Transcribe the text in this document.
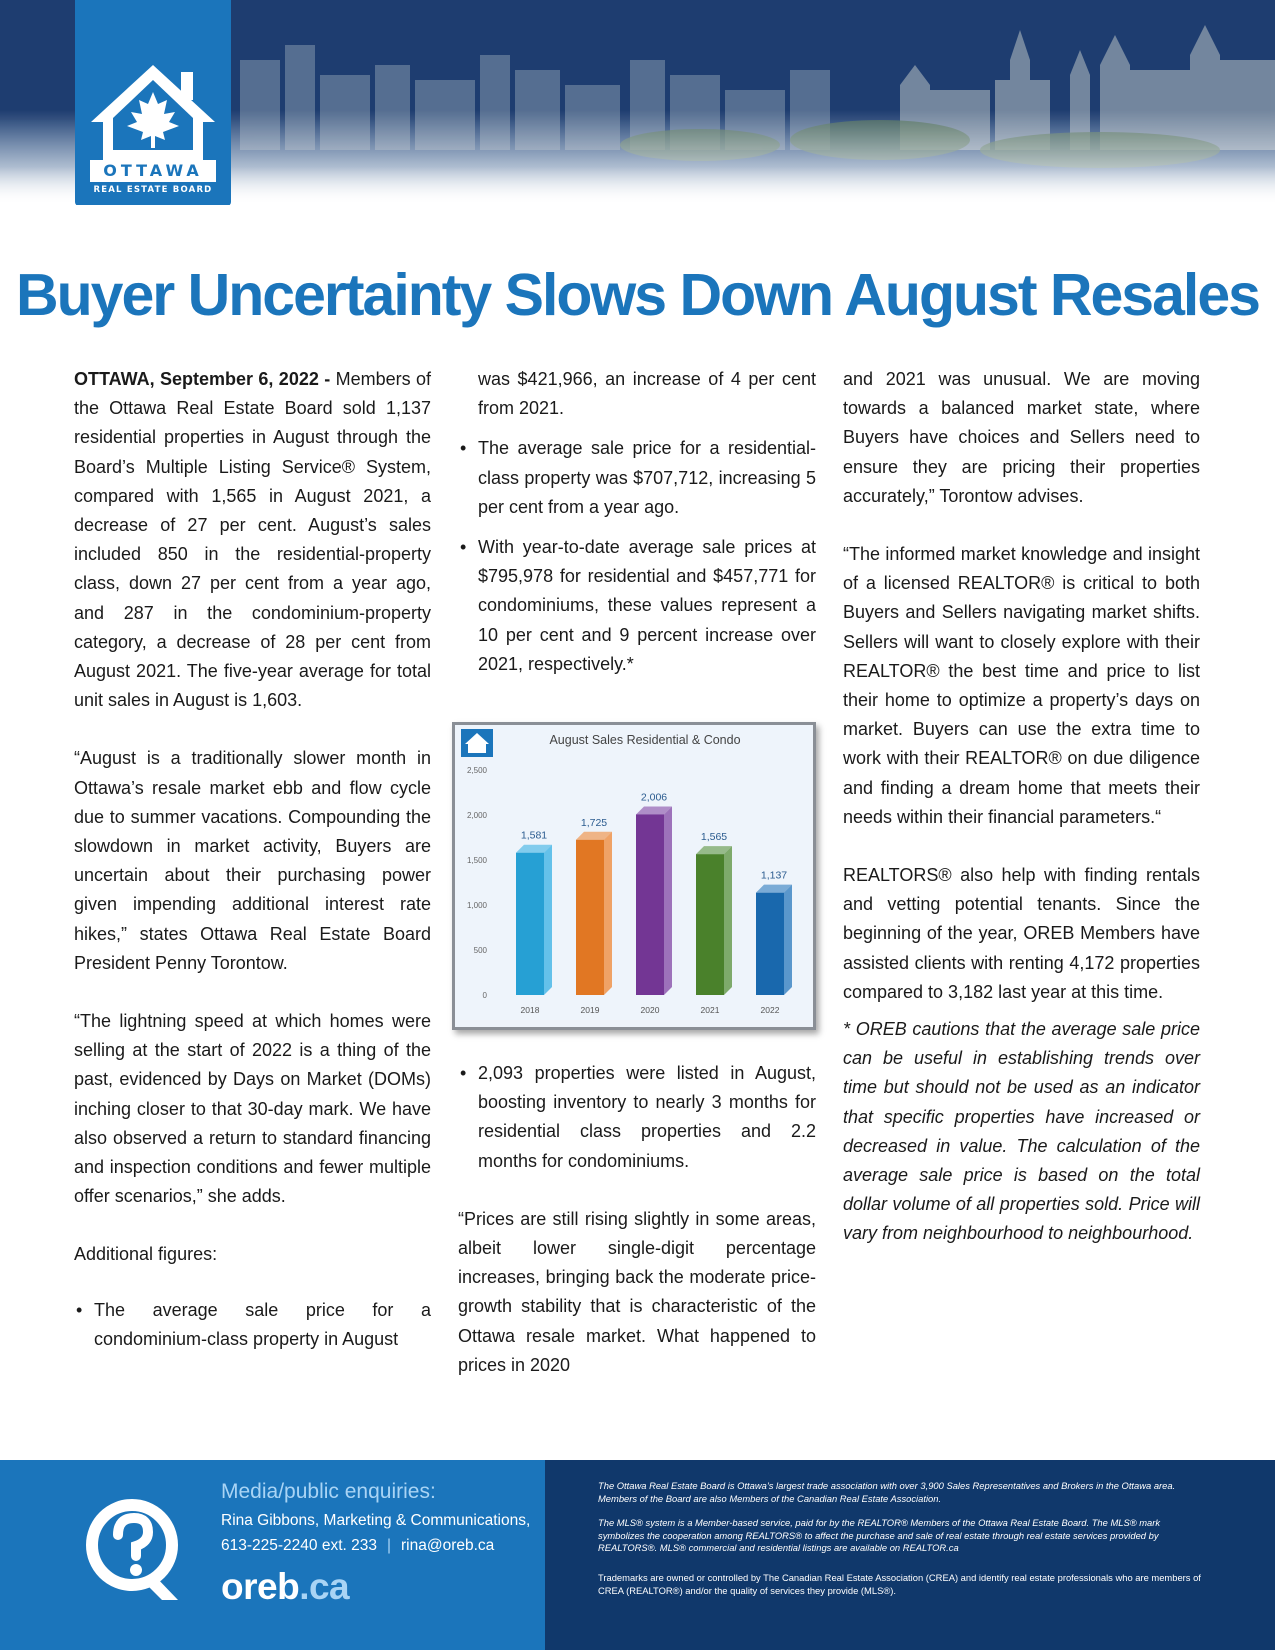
OTTAWA
REAL ESTATE BOARD
Buyer Uncertainty Slows Down August Resales

OTTAWA, September 6, 2022 - Members of the Ottawa Real Estate Board sold 1,137 residential properties in August through the Board’s Multiple Listing Service® System, compared with 1,565 in August 2021, a decrease of 27 per cent. August’s sales included 850 in the residential-property class, down 27 per cent from a year ago, and 287 in the condominium-property category, a decrease of 28 per cent from August 2021. The five-year average for total unit sales in August is 1,603.

“August is a traditionally slower month in Ottawa’s resale market ebb and flow cycle due to summer vacations. Compounding the slowdown in market activity, Buyers are uncertain about their purchasing power given impending additional interest rate hikes,” states Ottawa Real Estate Board President Penny Torontow.

“The lightning speed at which homes were selling at the start of 2022 is a thing of the past, evidenced by Days on Market (DOMs) inching closer to that 30-day mark. We have also observed a return to standard financing and inspection conditions and fewer multiple offer scenarios,” she adds.

Additional figures:

• The average sale price for a condominium-class property in August

was $421,966, an increase of 4 per cent from 2021.

• The average sale price for a residential-class property was $707,712, increasing 5 per cent from a year ago.
• With year-to-date average sale prices at $795,978 for residential and $457,771 for condominiums, these values represent a 10 per cent and 9 percent increase over 2021, respectively.*
• 2,093 properties were listed in August, boosting inventory to nearly 3 months for residential class properties and 2.2 months for condominiums.

“Prices are still rising slightly in some areas, albeit lower single-digit percentage increases, bringing back the moderate price-growth stability that is characteristic of the Ottawa resale market. What happened to prices in 2020

and 2021 was unusual. We are moving towards a balanced market state, where Buyers have choices and Sellers need to ensure they are pricing their properties accurately,” Torontow advises.

“The informed market knowledge and insight of a licensed REALTOR® is critical to both Buyers and Sellers navigating market shifts. Sellers will want to closely explore with their REALTOR® the best time and price to list their home to optimize a property’s days on market. Buyers can use the extra time to work with their REALTOR® on due diligence and finding a dream home that meets their needs within their financial parameters.“

REALTORS® also help with finding rentals and vetting potential tenants. Since the beginning of the year, OREB Members have assisted clients with renting 4,172 properties compared to 3,182 last year at this time.

* OREB cautions that the average sale price can be useful in establishing trends over time but should not be used as an indicator that specific properties have increased or decreased in value. The calculation of the average sale price is based on the total dollar volume of all properties sold. Price will vary from neighbourhood to neighbourhood.

August Sales Residential & Condo
0
500
1,000
1,500
2,000
2,500
1,581
1,725
2,006
1,565
1,137
2018	2019	2020	2021	2022
Media/public enquiries:
Rina Gibbons, Marketing & Communications,
613-225-2240 ext. 233 | rina@oreb.ca
oreb.ca
The Ottawa Real Estate Board is Ottawa’s largest trade association with over 3,900 Sales Representatives and Brokers in the Ottawa area. Members of the Board are also Members of the Canadian Real Estate Association.
The MLS® system is a Member-based service, paid for by the REALTOR® Members of the Ottawa Real Estate Board. The MLS® mark symbolizes the cooperation among REALTORS® to affect the purchase and sale of real estate through real estate services provided by REALTORS®. MLS® commercial and residential listings are available on REALTOR.ca
Trademarks are owned or controlled by The Canadian Real Estate Association (CREA) and identify real estate professionals who are members of CREA (REALTOR®) and/or the quality of services they provide (MLS®).
